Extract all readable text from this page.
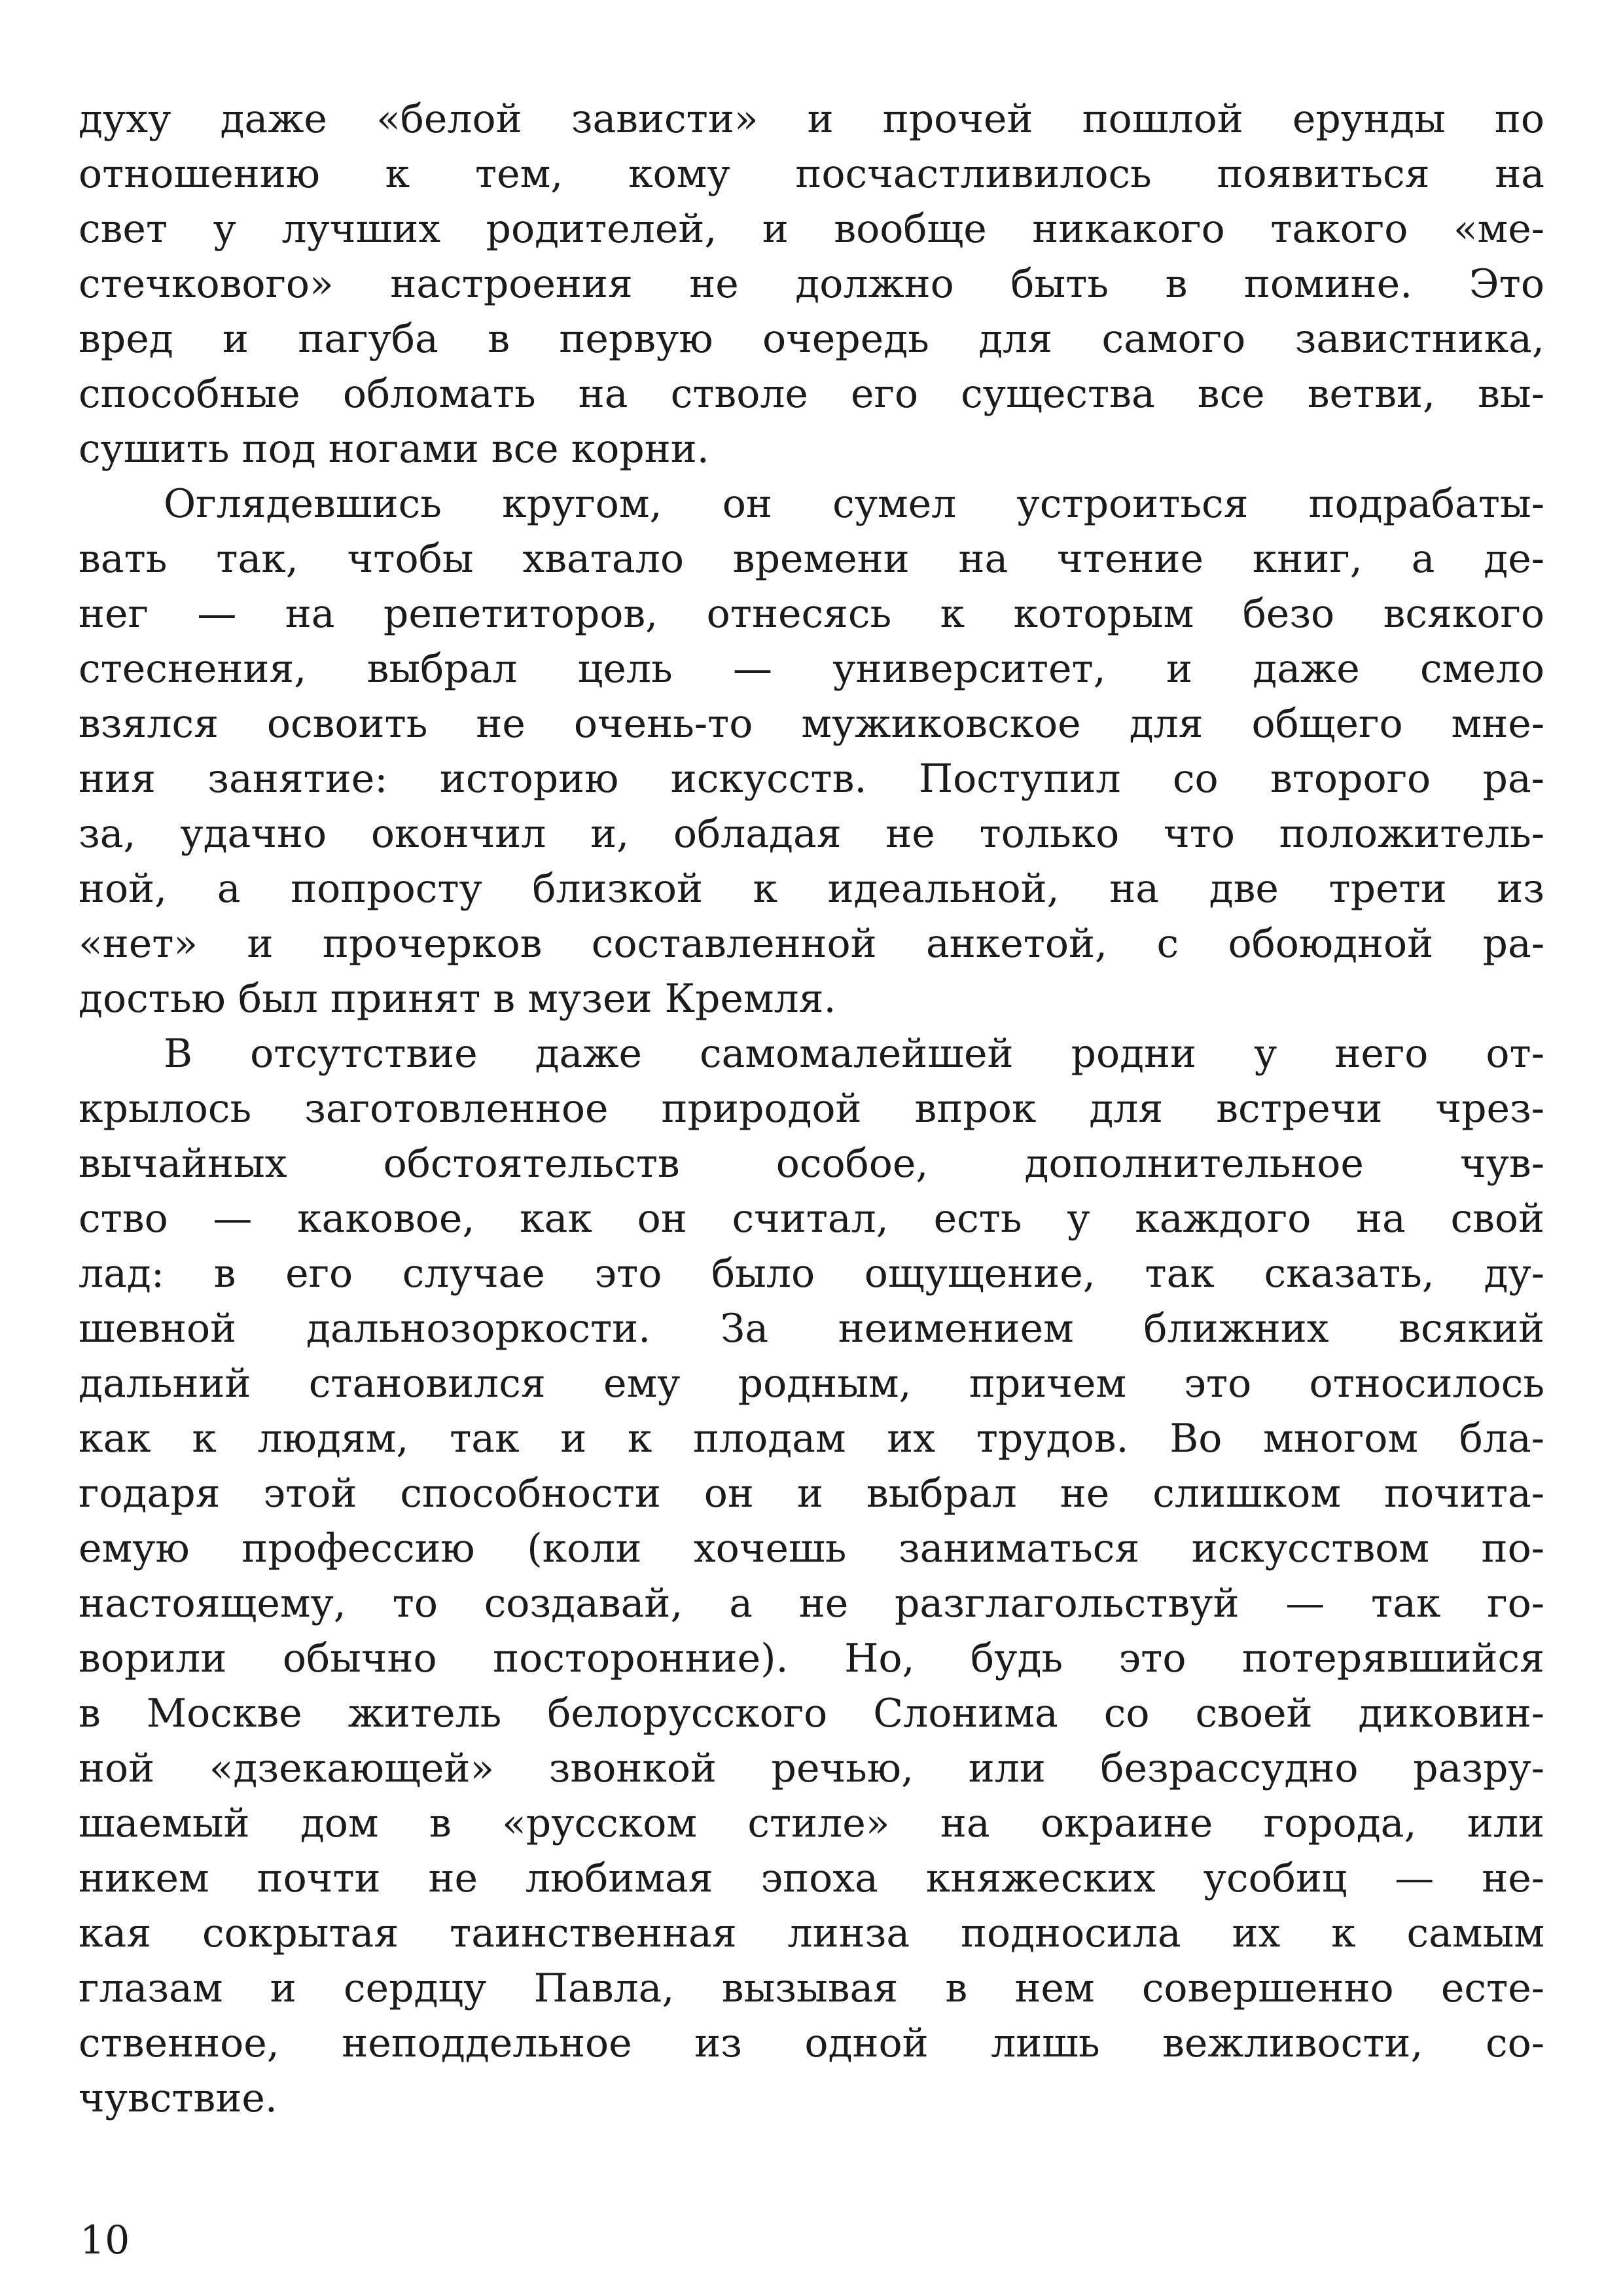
духу даже «белой зависти» и прочей пошлой ерунды по
отношению к тем, кому посчастливилось появиться на
свет у лучших родителей, и вообще никакого такого «ме-
стечкового» настроения не должно быть в помине. Это
вред и пагуба в первую очередь для самого завистника,
способные обломать на стволе его существа все ветви, вы-
сушить под ногами все корни.
Оглядевшись кругом, он сумел устроиться подрабаты-
вать так, чтобы хватало времени на чтение книг, а де-
нег — на репетиторов, отнесясь к которым безо всякого
стеснения, выбрал цель — университет, и даже смело
взялся освоить не очень-то мужиковское для общего мне-
ния занятие: историю искусств. Поступил со второго ра-
за, удачно окончил и, обладая не только что положитель-
ной, а попросту близкой к идеальной, на две трети из
«нет» и прочерков составленной анкетой, с обоюдной ра-
достью был принят в музеи Кремля.
В отсутствие даже самомалейшей родни у него от-
крылось заготовленное природой впрок для встречи чрез-
вычайных обстоятельств особое, дополнительное чув-
ство — каковое, как он считал, есть у каждого на свой
лад: в его случае это было ощущение, так сказать, ду-
шевной дальнозоркости. За неимением ближних всякий
дальний становился ему родным, причем это относилось
как к людям, так и к плодам их трудов. Во многом бла-
годаря этой способности он и выбрал не слишком почита-
емую профессию (коли хочешь заниматься искусством по-
настоящему, то создавай, а не разглагольствуй — так го-
ворили обычно посторонние). Но, будь это потерявшийся
в Москве житель белорусского Слонима со своей диковин-
ной «дзекающей» звонкой речью, или безрассудно разру-
шаемый дом в «русском стиле» на окраине города, или
никем почти не любимая эпоха княжеских усобиц — не-
кая сокрытая таинственная линза подносила их к самым
глазам и сердцу Павла, вызывая в нем совершенно есте-
ственное, неподдельное из одной лишь вежливости, со-
чувствие.
10
